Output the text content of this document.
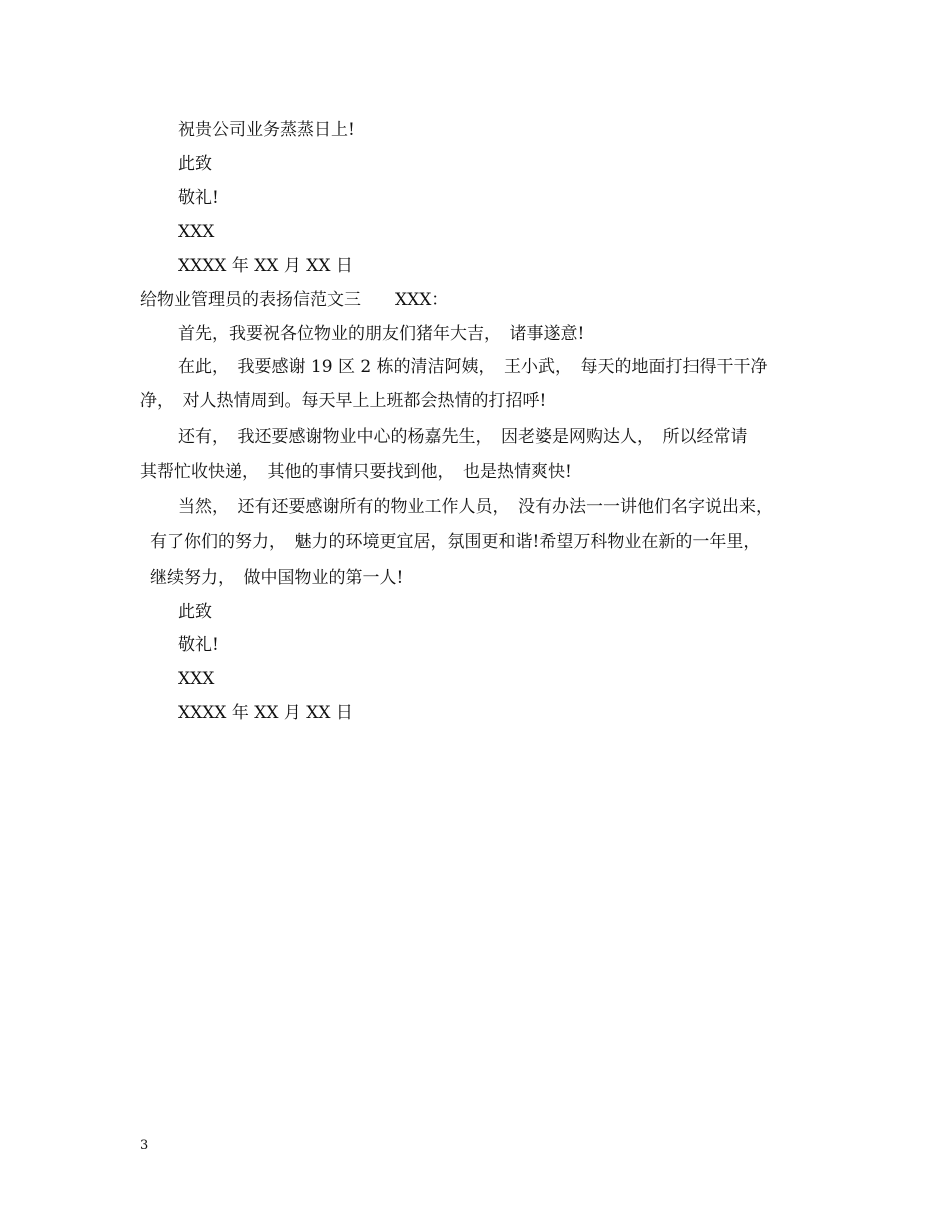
祝贵公司业务蒸蒸日上!
此致
敬礼!
XXX
XXXX 年 XX 月 XX 日
给物业管理员的表扬信范文三　　XXX：
首先，我要祝各位物业的朋友们猪年大吉，　诸事遂意!
在此，　我要感谢 19 区 2 栋的清洁阿姨，　王小武，　每天的地面打扫得干干净
净，　对人热情周到。每天早上上班都会热情的打招呼!
还有，　我还要感谢物业中心的杨嘉先生，　因老婆是网购达人，　所以经常请
其帮忙收快递，　其他的事情只要找到他，　也是热情爽快!
当然，　还有还要感谢所有的物业工作人员，　没有办法一一讲他们名字说出来，
有了你们的努力，　魅力的环境更宜居，氛围更和谐!希望万科物业在新的一年里，
继续努力，　做中国物业的第一人!
此致
敬礼!
XXX
XXXX 年 XX 月 XX 日
3
